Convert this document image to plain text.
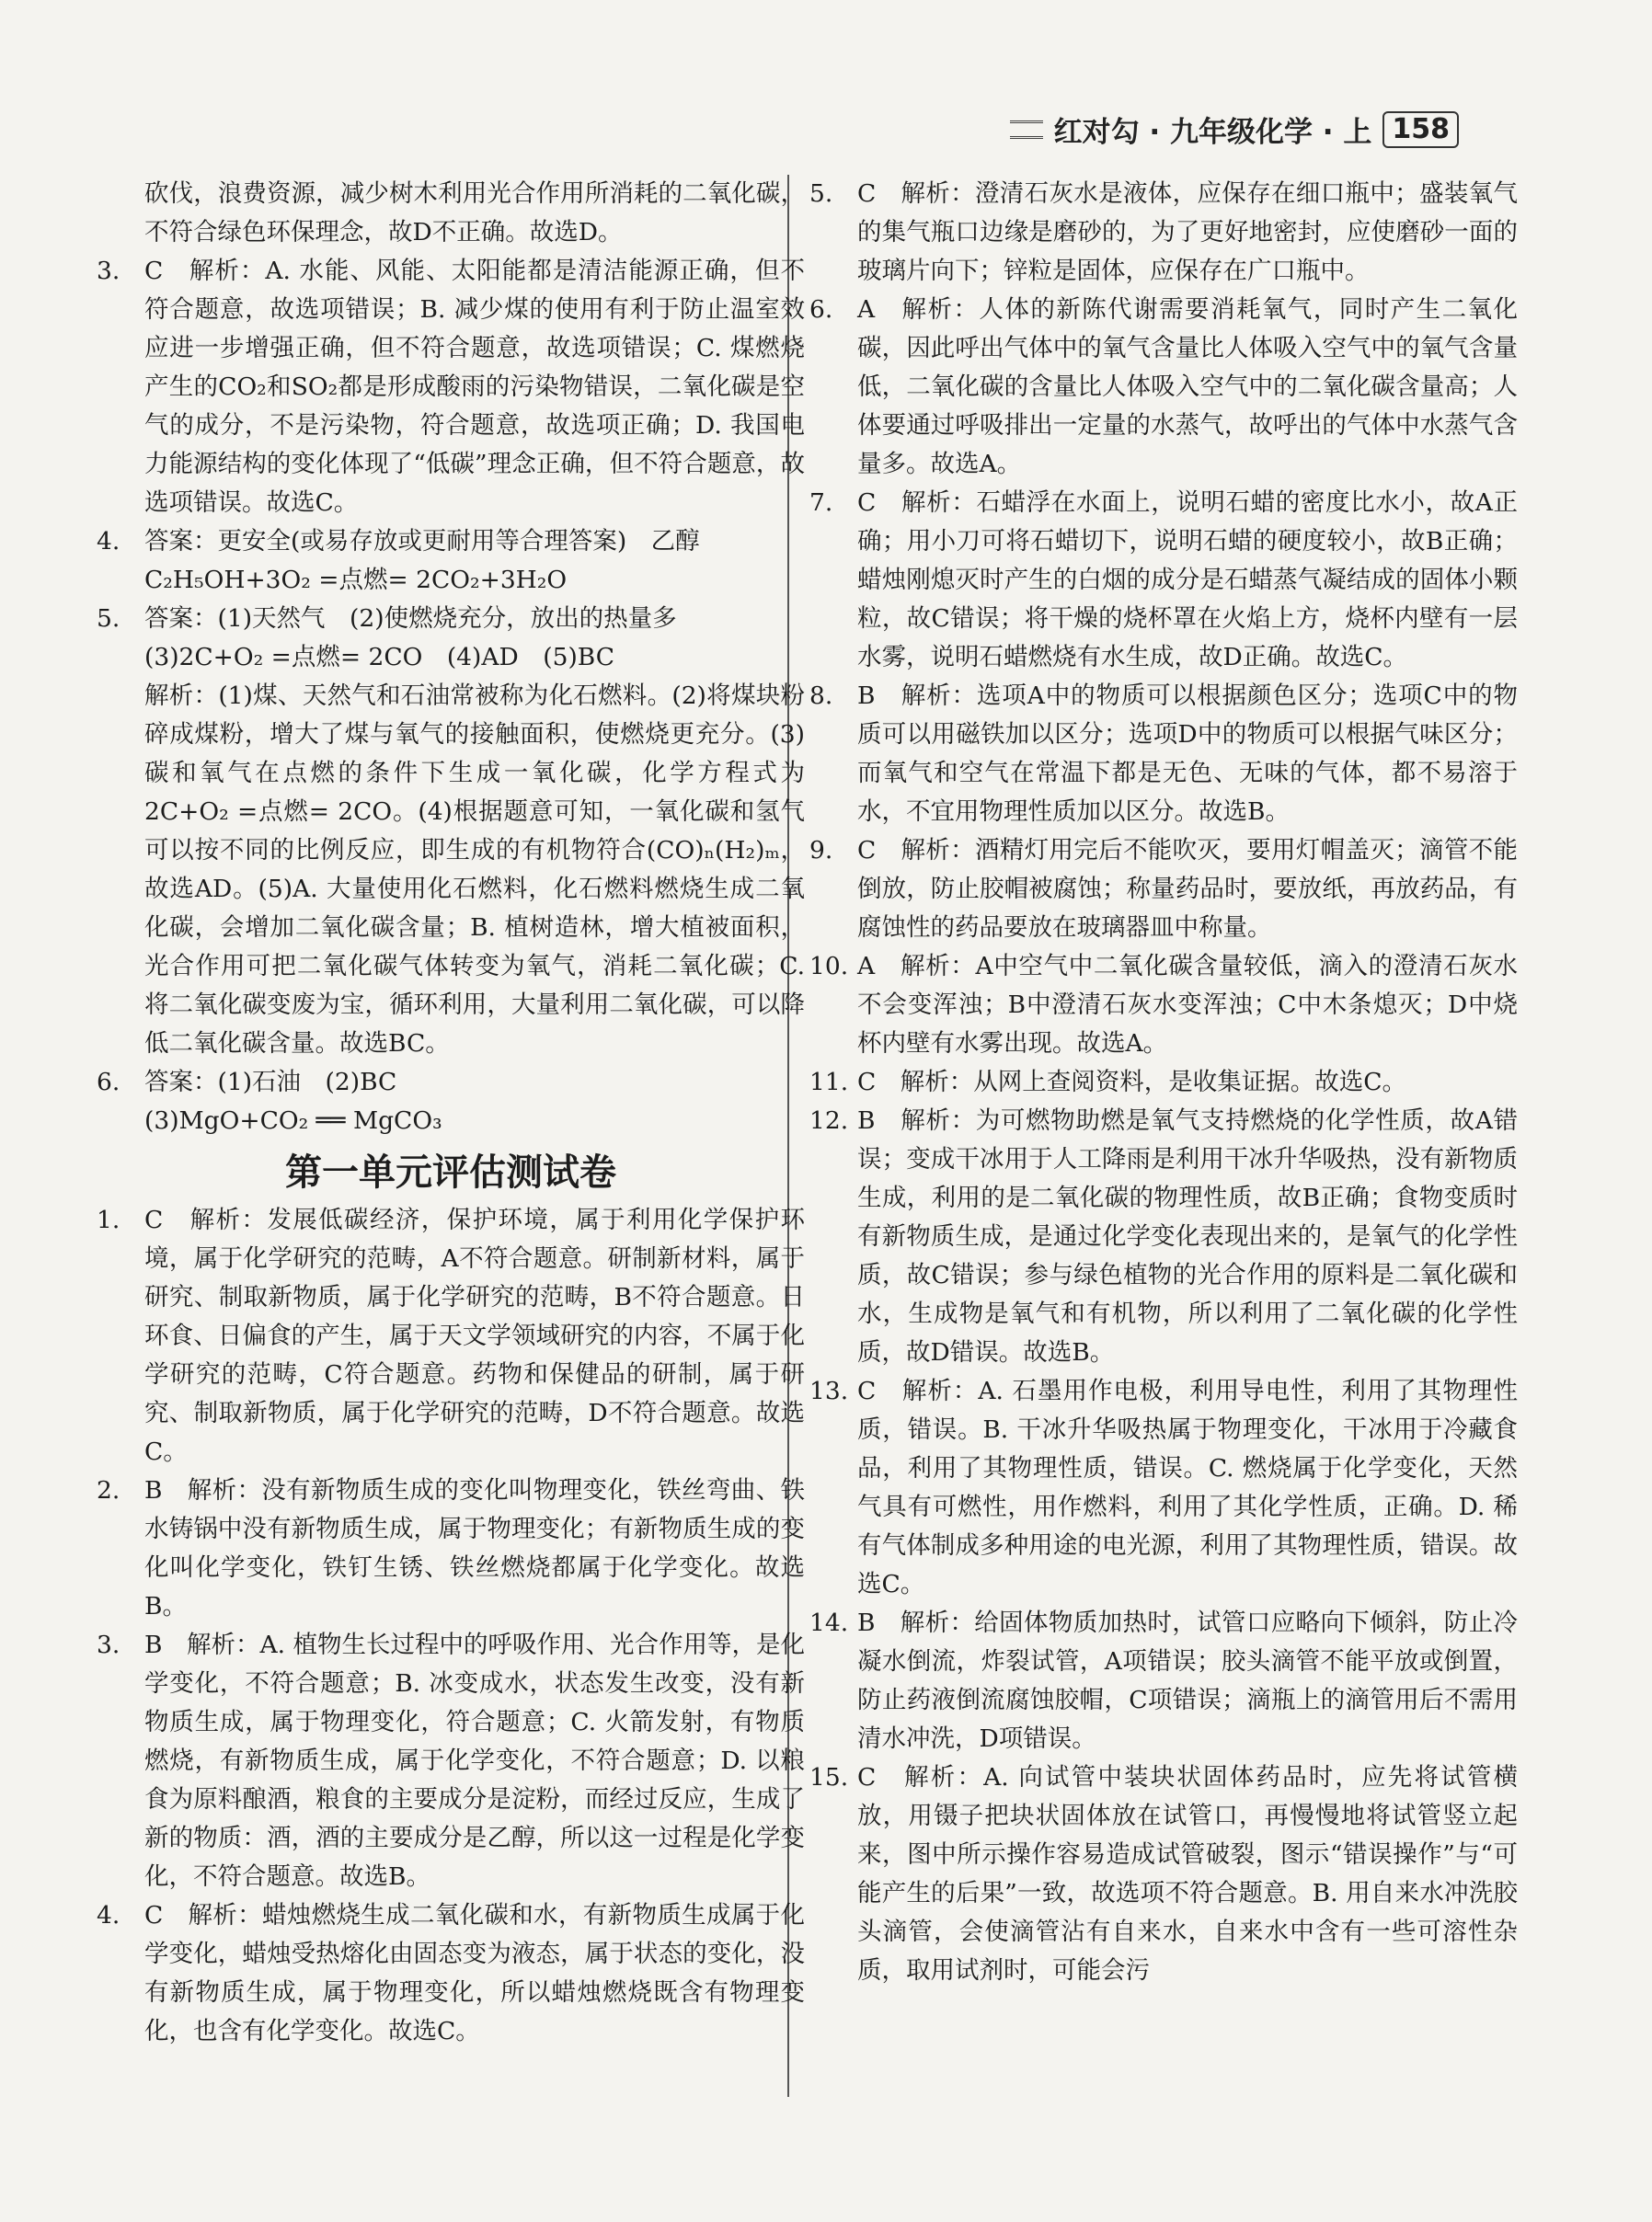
红对勾 · 九年级化学 · 上 158

砍伐，浪费资源，减少树木利用光合作用所消耗的二氧化碳，不符合绿色环保理念，故D不正确。故选D。

3.	C　解析：A. 水能、风能、太阳能都是清洁能源正确，但不符合题意，故选项错误；B. 减少煤的使用有利于防止温室效应进一步增强正确，但不符合题意，故选项错误；C. 煤燃烧产生的CO₂和SO₂都是形成酸雨的污染物错误，二氧化碳是空气的成分，不是污染物，符合题意，故选项正确；D. 我国电力能源结构的变化体现了“低碳”理念正确，但不符合题意，故选项错误。故选C。
4.	答案：更安全(或易存放或更耐用等合理答案)　乙醇
C₂H₅OH+3O₂ =点燃= 2CO₂+3H₂O
5.	答案：(1)天然气　(2)使燃烧充分，放出的热量多
(3)2C+O₂ =点燃= 2CO　(4)AD　(5)BC
解析：(1)煤、天然气和石油常被称为化石燃料。(2)将煤块粉碎成煤粉，增大了煤与氧气的接触面积，使燃烧更充分。(3)碳和氧气在点燃的条件下生成一氧化碳，化学方程式为2C+O₂ =点燃= 2CO。(4)根据题意可知，一氧化碳和氢气可以按不同的比例反应，即生成的有机物符合(CO)ₙ(H₂)ₘ，故选AD。(5)A. 大量使用化石燃料，化石燃料燃烧生成二氧化碳，会增加二氧化碳含量；B. 植树造林，增大植被面积，光合作用可把二氧化碳气体转变为氧气，消耗二氧化碳；C. 将二氧化碳变废为宝，循环利用，大量利用二氧化碳，可以降低二氧化碳含量。故选BC。
6.	答案：(1)石油　(2)BC
(3)MgO+CO₂ ══ MgCO₃
第一单元评估测试卷
1.	C　解析：发展低碳经济，保护环境，属于利用化学保护环境，属于化学研究的范畴，A不符合题意。研制新材料，属于研究、制取新物质，属于化学研究的范畴，B不符合题意。日环食、日偏食的产生，属于天文学领域研究的内容，不属于化学研究的范畴，C符合题意。药物和保健品的研制，属于研究、制取新物质，属于化学研究的范畴，D不符合题意。故选C。
2.	B　解析：没有新物质生成的变化叫物理变化，铁丝弯曲、铁水铸锅中没有新物质生成，属于物理变化；有新物质生成的变化叫化学变化，铁钉生锈、铁丝燃烧都属于化学变化。故选B。
3.	B　解析：A. 植物生长过程中的呼吸作用、光合作用等，是化学变化，不符合题意；B. 冰变成水，状态发生改变，没有新物质生成，属于物理变化，符合题意；C. 火箭发射，有物质燃烧，有新物质生成，属于化学变化，不符合题意；D. 以粮食为原料酿酒，粮食的主要成分是淀粉，而经过反应，生成了新的物质：酒，酒的主要成分是乙醇，所以这一过程是化学变化，不符合题意。故选B。
4.	C　解析：蜡烛燃烧生成二氧化碳和水，有新物质生成属于化学变化，蜡烛受热熔化由固态变为液态，属于状态的变化，没有新物质生成，属于物理变化，所以蜡烛燃烧既含有物理变化，也含有化学变化。故选C。
5.	C　解析：澄清石灰水是液体，应保存在细口瓶中；盛装氧气的集气瓶口边缘是磨砂的，为了更好地密封，应使磨砂一面的玻璃片向下；锌粒是固体，应保存在广口瓶中。
6.	A　解析：人体的新陈代谢需要消耗氧气，同时产生二氧化碳，因此呼出气体中的氧气含量比人体吸入空气中的氧气含量低，二氧化碳的含量比人体吸入空气中的二氧化碳含量高；人体要通过呼吸排出一定量的水蒸气，故呼出的气体中水蒸气含量多。故选A。
7.	C　解析：石蜡浮在水面上，说明石蜡的密度比水小，故A正确；用小刀可将石蜡切下，说明石蜡的硬度较小，故B正确；蜡烛刚熄灭时产生的白烟的成分是石蜡蒸气凝结成的固体小颗粒，故C错误；将干燥的烧杯罩在火焰上方，烧杯内壁有一层水雾，说明石蜡燃烧有水生成，故D正确。故选C。
8.	B　解析：选项A中的物质可以根据颜色区分；选项C中的物质可以用磁铁加以区分；选项D中的物质可以根据气味区分；而氧气和空气在常温下都是无色、无味的气体，都不易溶于水，不宜用物理性质加以区分。故选B。
9.	C　解析：酒精灯用完后不能吹灭，要用灯帽盖灭；滴管不能倒放，防止胶帽被腐蚀；称量药品时，要放纸，再放药品，有腐蚀性的药品要放在玻璃器皿中称量。
10. A　解析：A中空气中二氧化碳含量较低，滴入的澄清石灰水不会变浑浊；B中澄清石灰水变浑浊；C中木条熄灭；D中烧杯内壁有水雾出现。故选A。
11. C　解析：从网上查阅资料，是收集证据。故选C。
12. B　解析：为可燃物助燃是氧气支持燃烧的化学性质，故A错误；变成干冰用于人工降雨是利用干冰升华吸热，没有新物质生成，利用的是二氧化碳的物理性质，故B正确；食物变质时有新物质生成，是通过化学变化表现出来的，是氧气的化学性质，故C错误；参与绿色植物的光合作用的原料是二氧化碳和水，生成物是氧气和有机物，所以利用了二氧化碳的化学性质，故D错误。故选B。
13. C　解析：A. 石墨用作电极，利用导电性，利用了其物理性质，错误。B. 干冰升华吸热属于物理变化，干冰用于冷藏食品，利用了其物理性质，错误。C. 燃烧属于化学变化，天然气具有可燃性，用作燃料，利用了其化学性质，正确。D. 稀有气体制成多种用途的电光源，利用了其物理性质，错误。故选C。
14. B　解析：给固体物质加热时，试管口应略向下倾斜，防止冷凝水倒流，炸裂试管，A项错误；胶头滴管不能平放或倒置，防止药液倒流腐蚀胶帽，C项错误；滴瓶上的滴管用后不需用清水冲洗，D项错误。
15. C　解析：A. 向试管中装块状固体药品时，应先将试管横放，用镊子把块状固体放在试管口，再慢慢地将试管竖立起来，图中所示操作容易造成试管破裂，图示“错误操作”与“可能产生的后果”一致，故选项不符合题意。B. 用自来水冲洗胶头滴管，会使滴管沾有自来水，自来水中含有一些可溶性杂质，取用试剂时，可能会污
